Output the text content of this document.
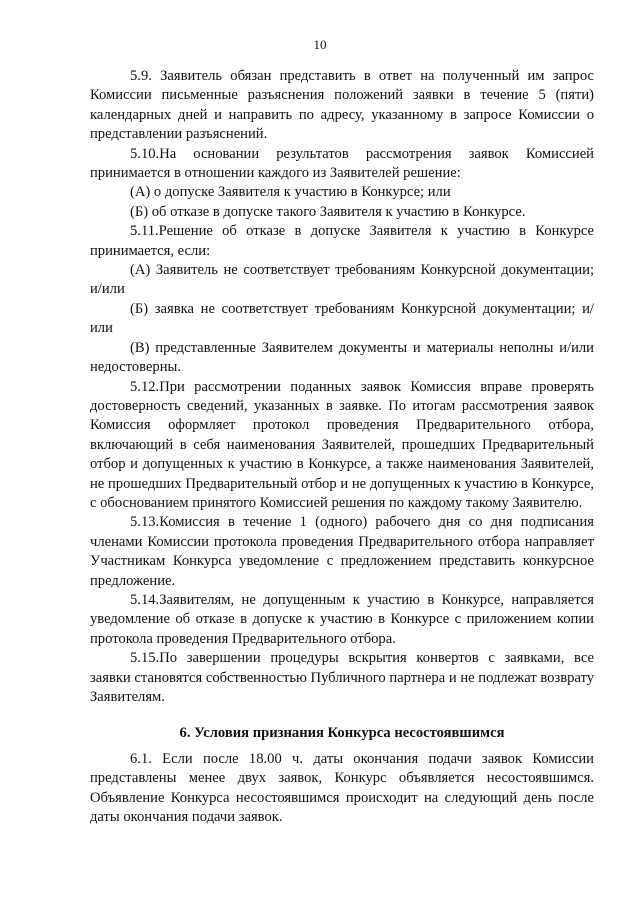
10

5.9. Заявитель обязан представить в ответ на полученный им запрос Комиссии письменные разъяснения положений заявки в течение 5 (пяти) календарных дней и направить по адресу, указанному в запросе Комиссии о представлении разъяснений.

5.10.На основании результатов рассмотрения заявок Комиссией принимается в отношении каждого из Заявителей решение:

(А) о допуске Заявителя к участию в Конкурсе; или

(Б) об отказе в допуске такого Заявителя к участию в Конкурсе.

5.11.Решение об отказе в допуске Заявителя к участию в Конкурсе принимается, если:

(А) Заявитель не соответствует требованиям Конкурсной документации; и/или

(Б) заявка не соответствует требованиям Конкурсной документации; и/или

(В) представленные Заявителем документы и материалы неполны и/или недостоверны.

5.12.При рассмотрении поданных заявок Комиссия вправе проверять достоверность сведений, указанных в заявке. По итогам рассмотрения заявок Комиссия оформляет протокол проведения Предварительного отбора, включающий в себя наименования Заявителей, прошедших Предварительный отбор и допущенных к участию в Конкурсе, а также наименования Заявителей, не прошедших Предварительный отбор и не допущенных к участию в Конкурсе, с обоснованием принятого Комиссией решения по каждому такому Заявителю.

5.13.Комиссия в течение 1 (одного) рабочего дня со дня подписания членами Комиссии протокола проведения Предварительного отбора направляет Участникам Конкурса уведомление с предложением представить конкурсное предложение.

5.14.Заявителям, не допущенным к участию в Конкурсе, направляется уведомление об отказе в допуске к участию в Конкурсе с приложением копии протокола проведения Предварительного отбора.

5.15.По завершении процедуры вскрытия конвертов с заявками, все заявки становятся собственностью Публичного партнера и не подлежат возврату Заявителям.

6. Условия признания Конкурса несостоявшимся

6.1. Если после 18.00 ч. даты окончания подачи заявок Комиссии представлены менее двух заявок, Конкурс объявляется несостоявшимся. Объявление Конкурса несостоявшимся происходит на следующий день после даты окончания подачи заявок.
